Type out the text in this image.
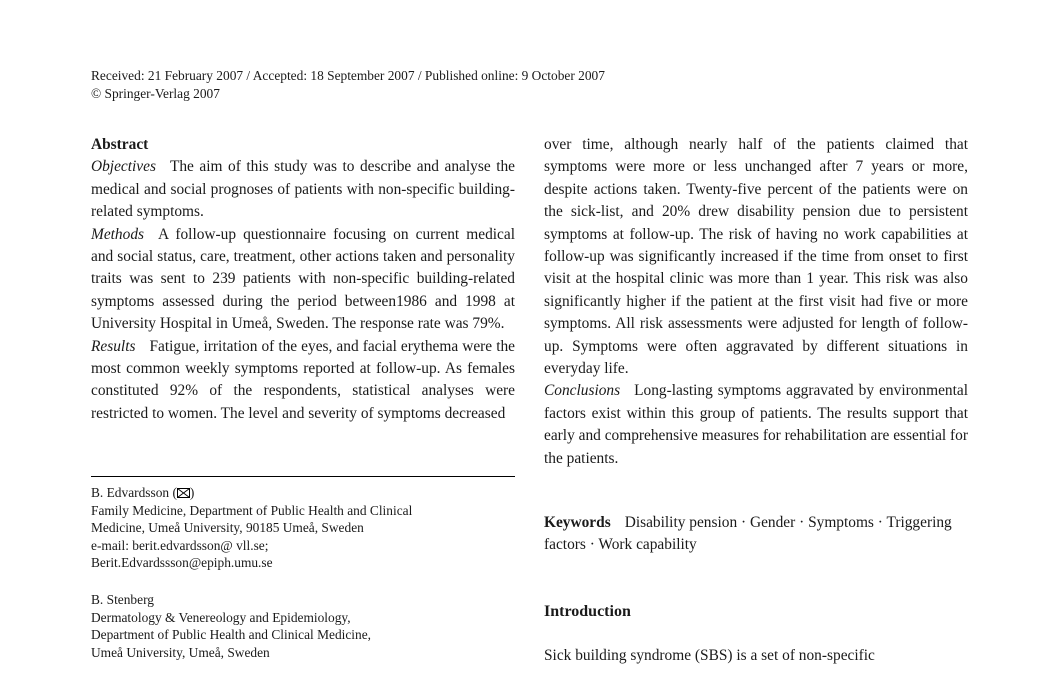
Received: 21 February 2007 / Accepted: 18 September 2007 / Published online: 9 October 2007
© Springer-Verlag 2007
Abstract
Objectives The aim of this study was to describe and analyse the medical and social prognoses of patients with non-specific building-related symptoms.
Methods A follow-up questionnaire focusing on current medical and social status, care, treatment, other actions taken and personality traits was sent to 239 patients with non-specific building-related symptoms assessed during the period between1986 and 1998 at University Hospital in Umeå, Sweden. The response rate was 79%.
Results Fatigue, irritation of the eyes, and facial erythema were the most common weekly symptoms reported at follow-up. As females constituted 92% of the respondents, statistical analyses were restricted to women. The level and severity of symptoms decreased
over time, although nearly half of the patients claimed that symptoms were more or less unchanged after 7 years or more, despite actions taken. Twenty-five percent of the patients were on the sick-list, and 20% drew disability pension due to persistent symptoms at follow-up. The risk of having no work capabilities at follow-up was significantly increased if the time from onset to first visit at the hospital clinic was more than 1 year. This risk was also significantly higher if the patient at the first visit had five or more symptoms. All risk assessments were adjusted for length of follow-up. Symptoms were often aggravated by different situations in everyday life.
Conclusions Long-lasting symptoms aggravated by environmental factors exist within this group of patients. The results support that early and comprehensive measures for rehabilitation are essential for the patients.
B. Edvardsson ( )
Family Medicine, Department of Public Health and Clinical
Medicine, Umeå University, 90185 Umeå, Sweden
e-mail: berit.edvardsson@ vll.se;
Berit.Edvardssson@epiph.umu.se
B. Stenberg
Dermatology & Venereology and Epidemiology,
Department of Public Health and Clinical Medicine,
Umeå University, Umeå, Sweden
Keywords Disability pension · Gender · Symptoms · Triggering factors · Work capability
Introduction
Sick building syndrome (SBS) is a set of non-specific
